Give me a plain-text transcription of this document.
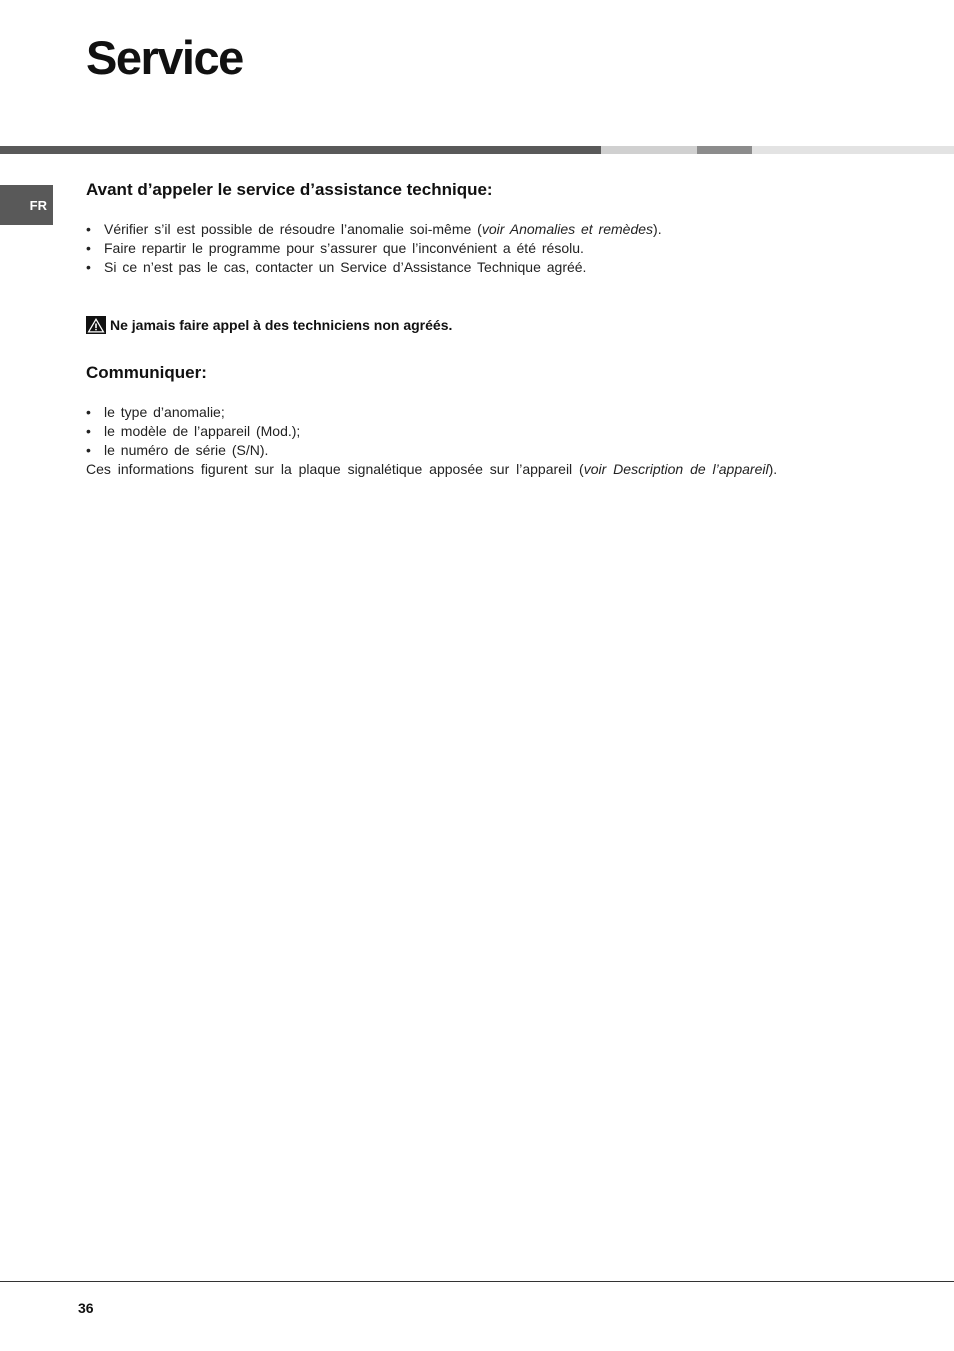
Service
FR
Avant d’appeler le service d’assistance technique:
• Vérifier s’il est possible de résoudre l’anomalie soi-même (voir Anomalies et remèdes).
• Faire repartir le programme pour s’assurer que l’inconvénient a été résolu.
• Si ce n’est pas le cas, contacter un Service d’Assistance Technique agréé.
Ne jamais faire appel à des techniciens non agréés.
Communiquer:
• le type d’anomalie;
• le modèle de l’appareil (Mod.);
• le numéro de série (S/N).

Ces informations figurent sur la plaque signalétique apposée sur l’appareil (voir Description de l’appareil).

36
